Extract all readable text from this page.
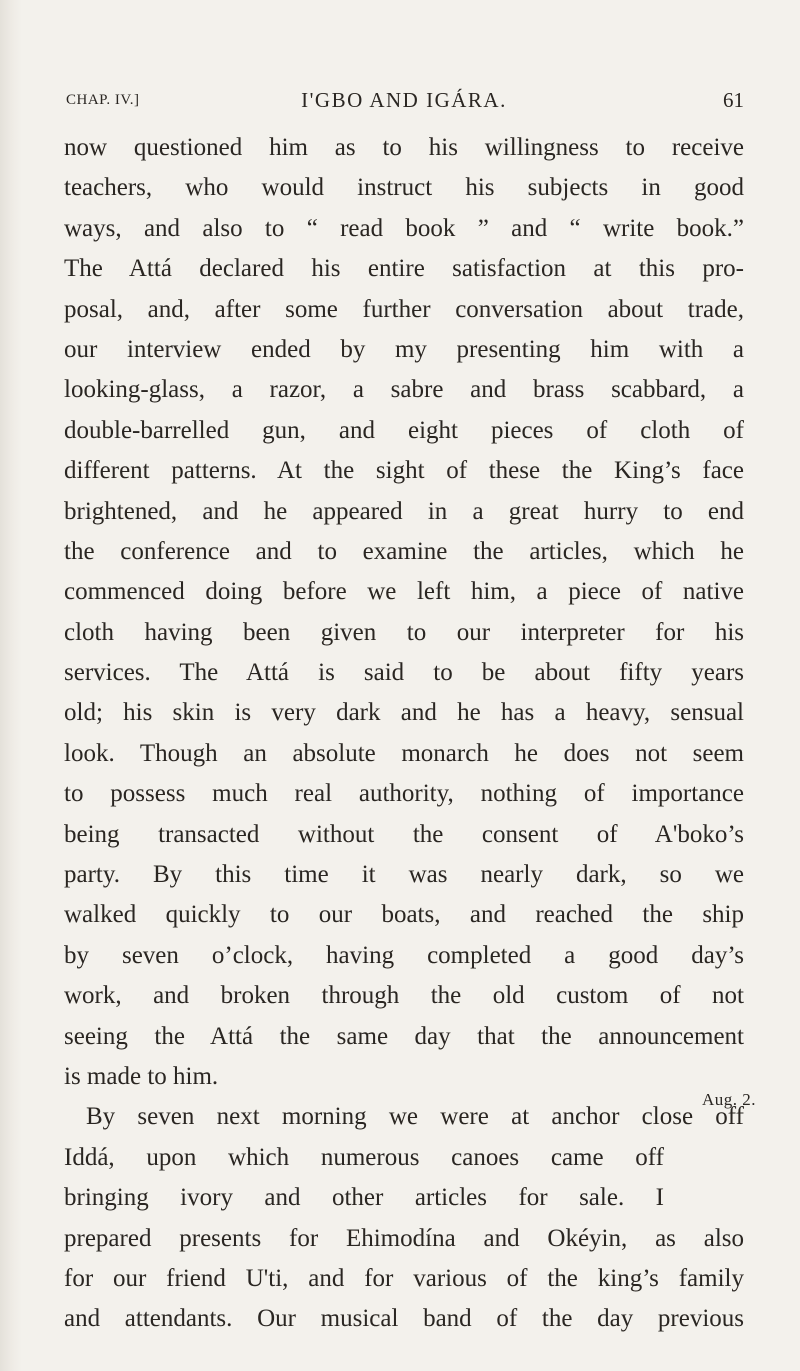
CHAP. IV.]	I'GBO AND IGÁRA.	61
now questioned him as to his willingness to receive
teachers, who would instruct his subjects in good
ways, and also to “ read book ” and “ write book.”
The Attá declared his entire satisfaction at this pro-
posal, and, after some further conversation about trade,
our interview ended by my presenting him with a
looking-glass, a razor, a sabre and brass scabbard, a
double-barrelled gun, and eight pieces of cloth of
different patterns. At the sight of these the King’s face
brightened, and he appeared in a great hurry to end
the conference and to examine the articles, which he
commenced doing before we left him, a piece of native
cloth having been given to our interpreter for his
services. The Attá is said to be about fifty years
old; his skin is very dark and he has a heavy, sensual
look. Though an absolute monarch he does not seem
to possess much real authority, nothing of importance
being transacted without the consent of A'boko’s
party. By this time it was nearly dark, so we
walked quickly to our boats, and reached the ship
by seven o’clock, having completed a good day’s
work, and broken through the old custom of not
seeing the Attá the same day that the announcement
is made to him.
By seven next morning we were at anchor close off
Iddá, upon which numerous canoes came off
bringing ivory and other articles for sale. I
prepared presents for Ehimodína and Okéyin, as also
for our friend U'ti, and for various of the king’s family
and attendants. Our musical band of the day previous
Aug. 2.
